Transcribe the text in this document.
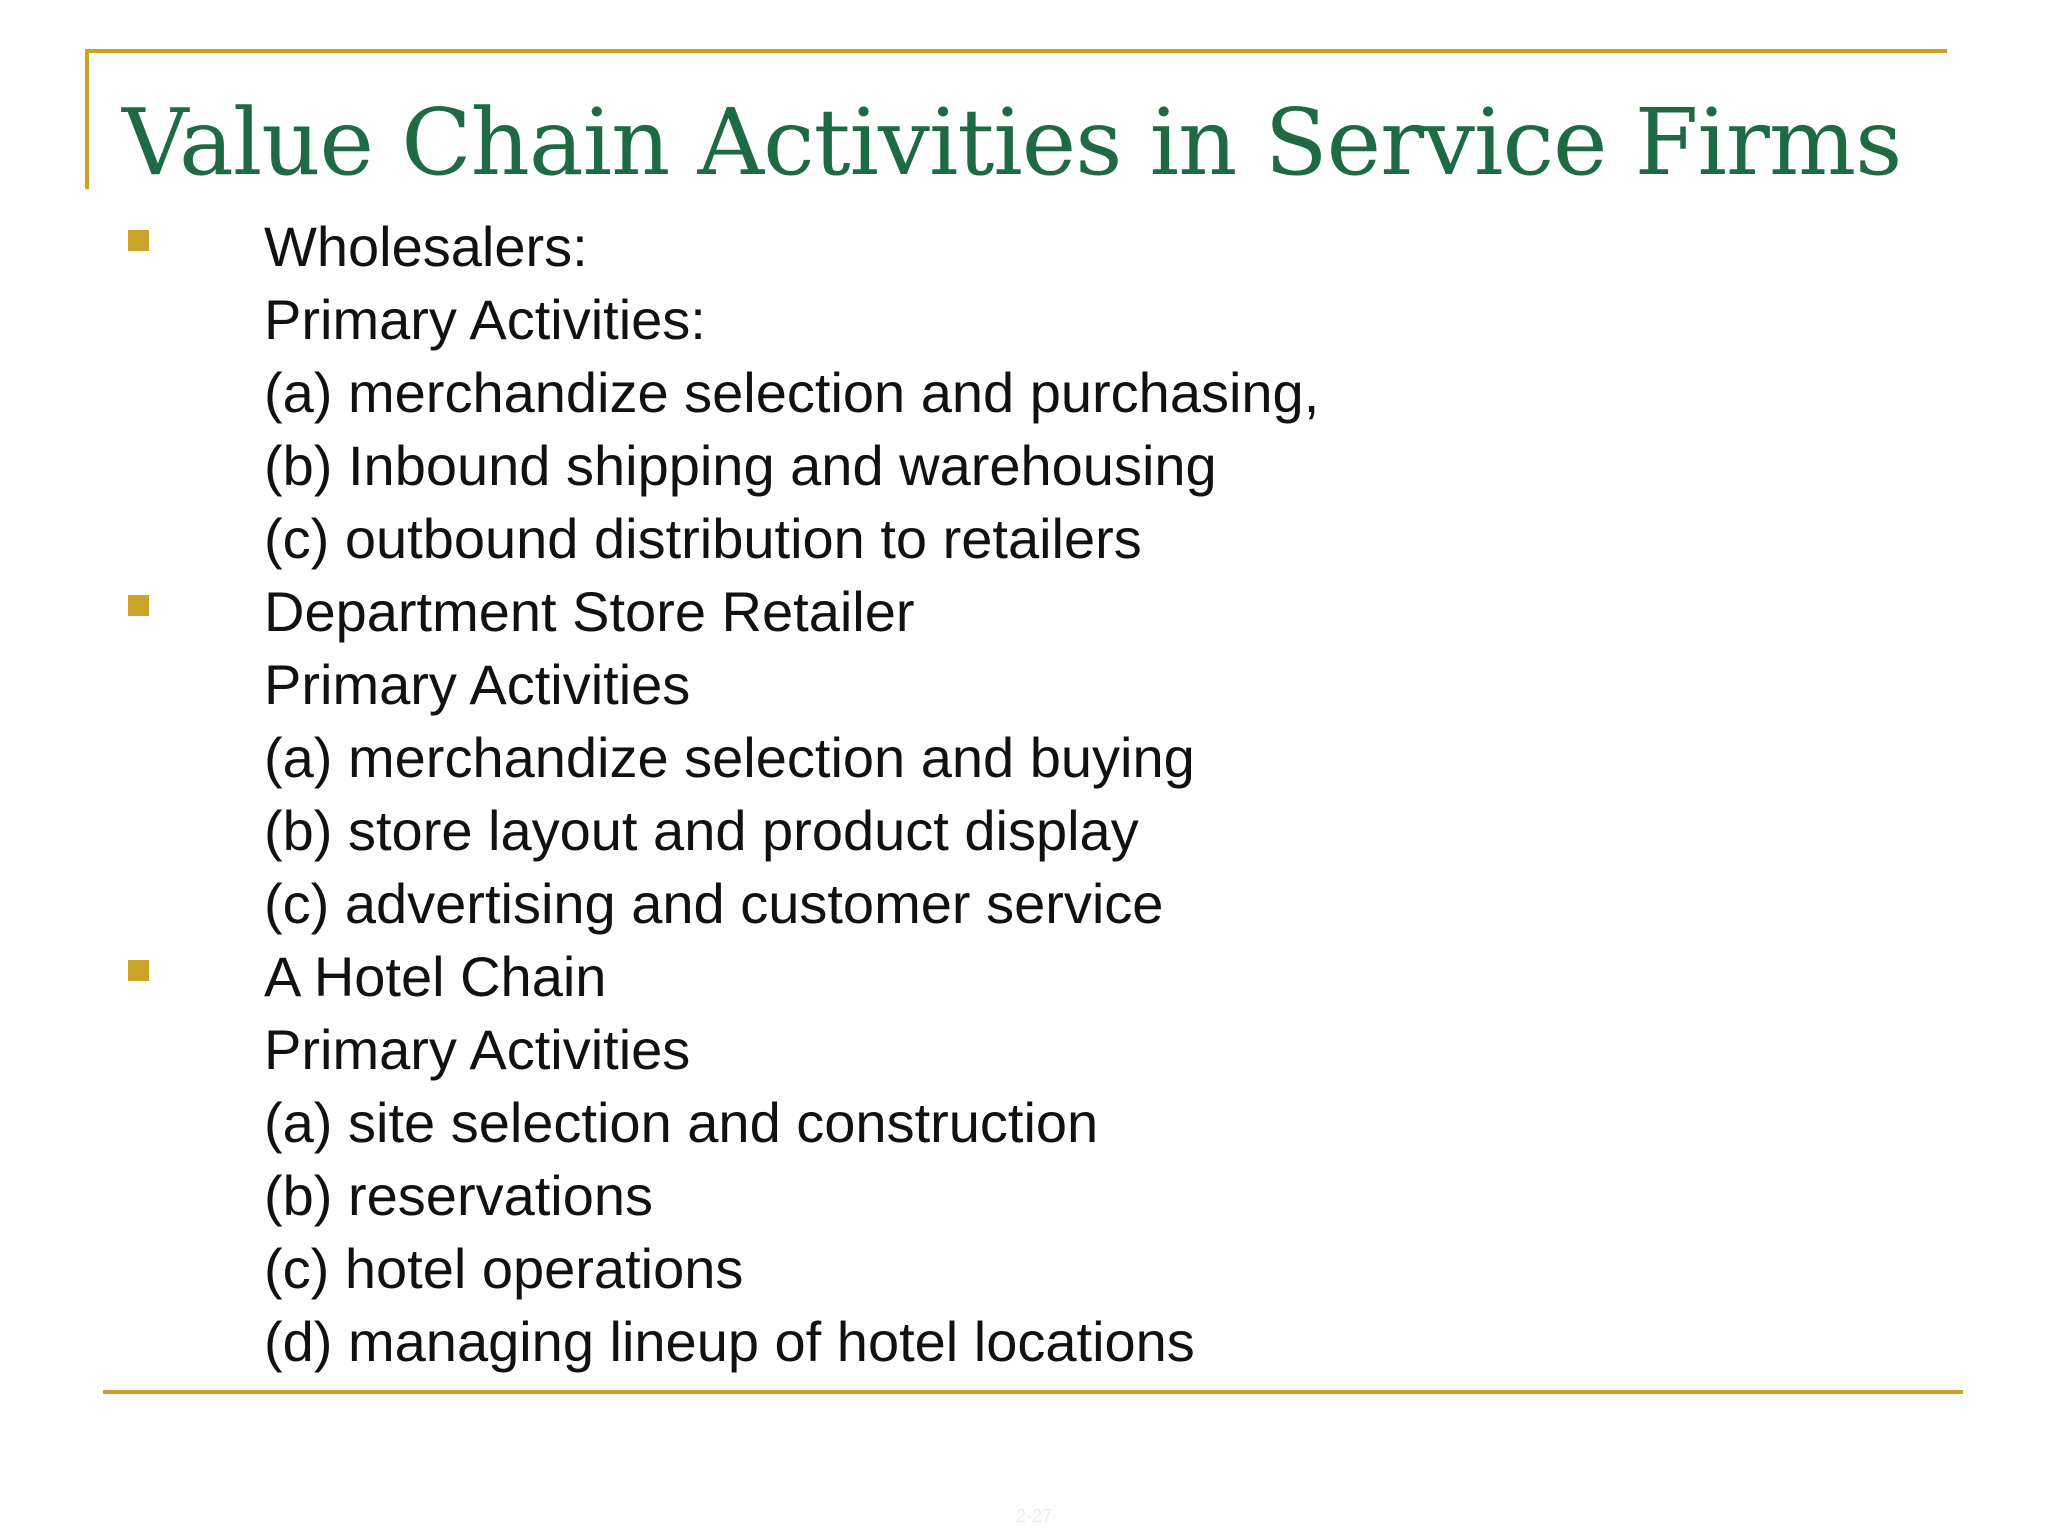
Value Chain Activities in Service Firms

Wholesalers:

Primary Activities:

(a) merchandize selection and purchasing,

(b) Inbound shipping and warehousing

(c) outbound distribution to retailers

Department Store Retailer

Primary Activities

(a) merchandize selection and buying

(b) store layout and product display

(c) advertising and customer service

A Hotel Chain

Primary Activities

(a) site selection and construction

(b) reservations

(c) hotel operations

(d) managing lineup of hotel locations

2-27
